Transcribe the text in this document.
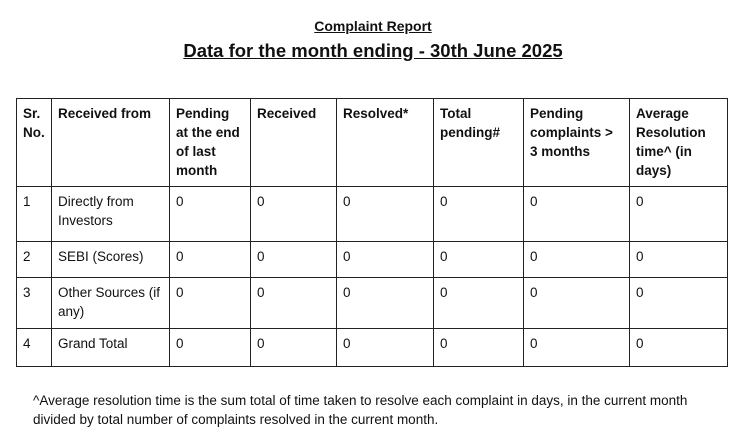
Complaint Report
Data for the month ending - 30th June 2025
Sr. No.	Received from	Pending at the end of last month	Received	Resolved*	Total pending#	Pending complaints > 3 months	Average Resolution time^ (in days)
1	Directly from Investors	0	0	0	0	0	0
2	SEBI (Scores)	0	0	0	0	0	0
3	Other Sources (if any)	0	0	0	0	0	0
4	Grand Total	0	0	0	0	0	0
^Average resolution time is the sum total of time taken to resolve each complaint in days, in the current month divided by total number of complaints resolved in the current month.
